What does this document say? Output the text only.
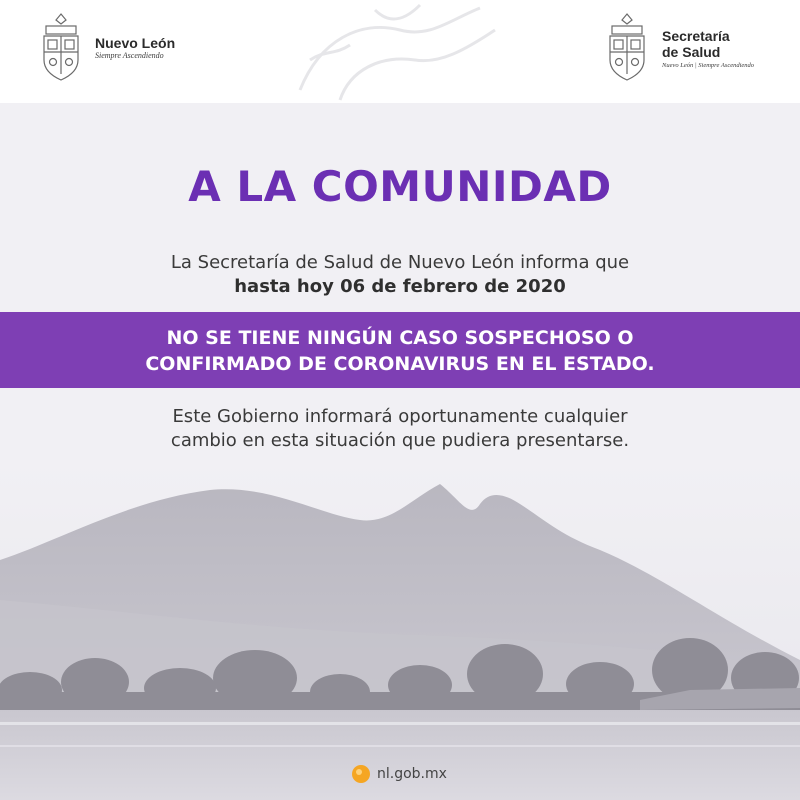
Nuevo León
Siempre Ascendiendo
Secretaría
de Salud
Nuevo León | Siempre Ascendiendo
A LA COMUNIDAD
La Secretaría de Salud de Nuevo León informa que
hasta hoy 06 de febrero de 2020
NO SE TIENE NINGÚN CASO SOSPECHOSO O
CONFIRMADO DE CORONAVIRUS EN EL ESTADO.
Este Gobierno informará oportunamente cualquier
cambio en esta situación que pudiera presentarse.
nl.gob.mx
